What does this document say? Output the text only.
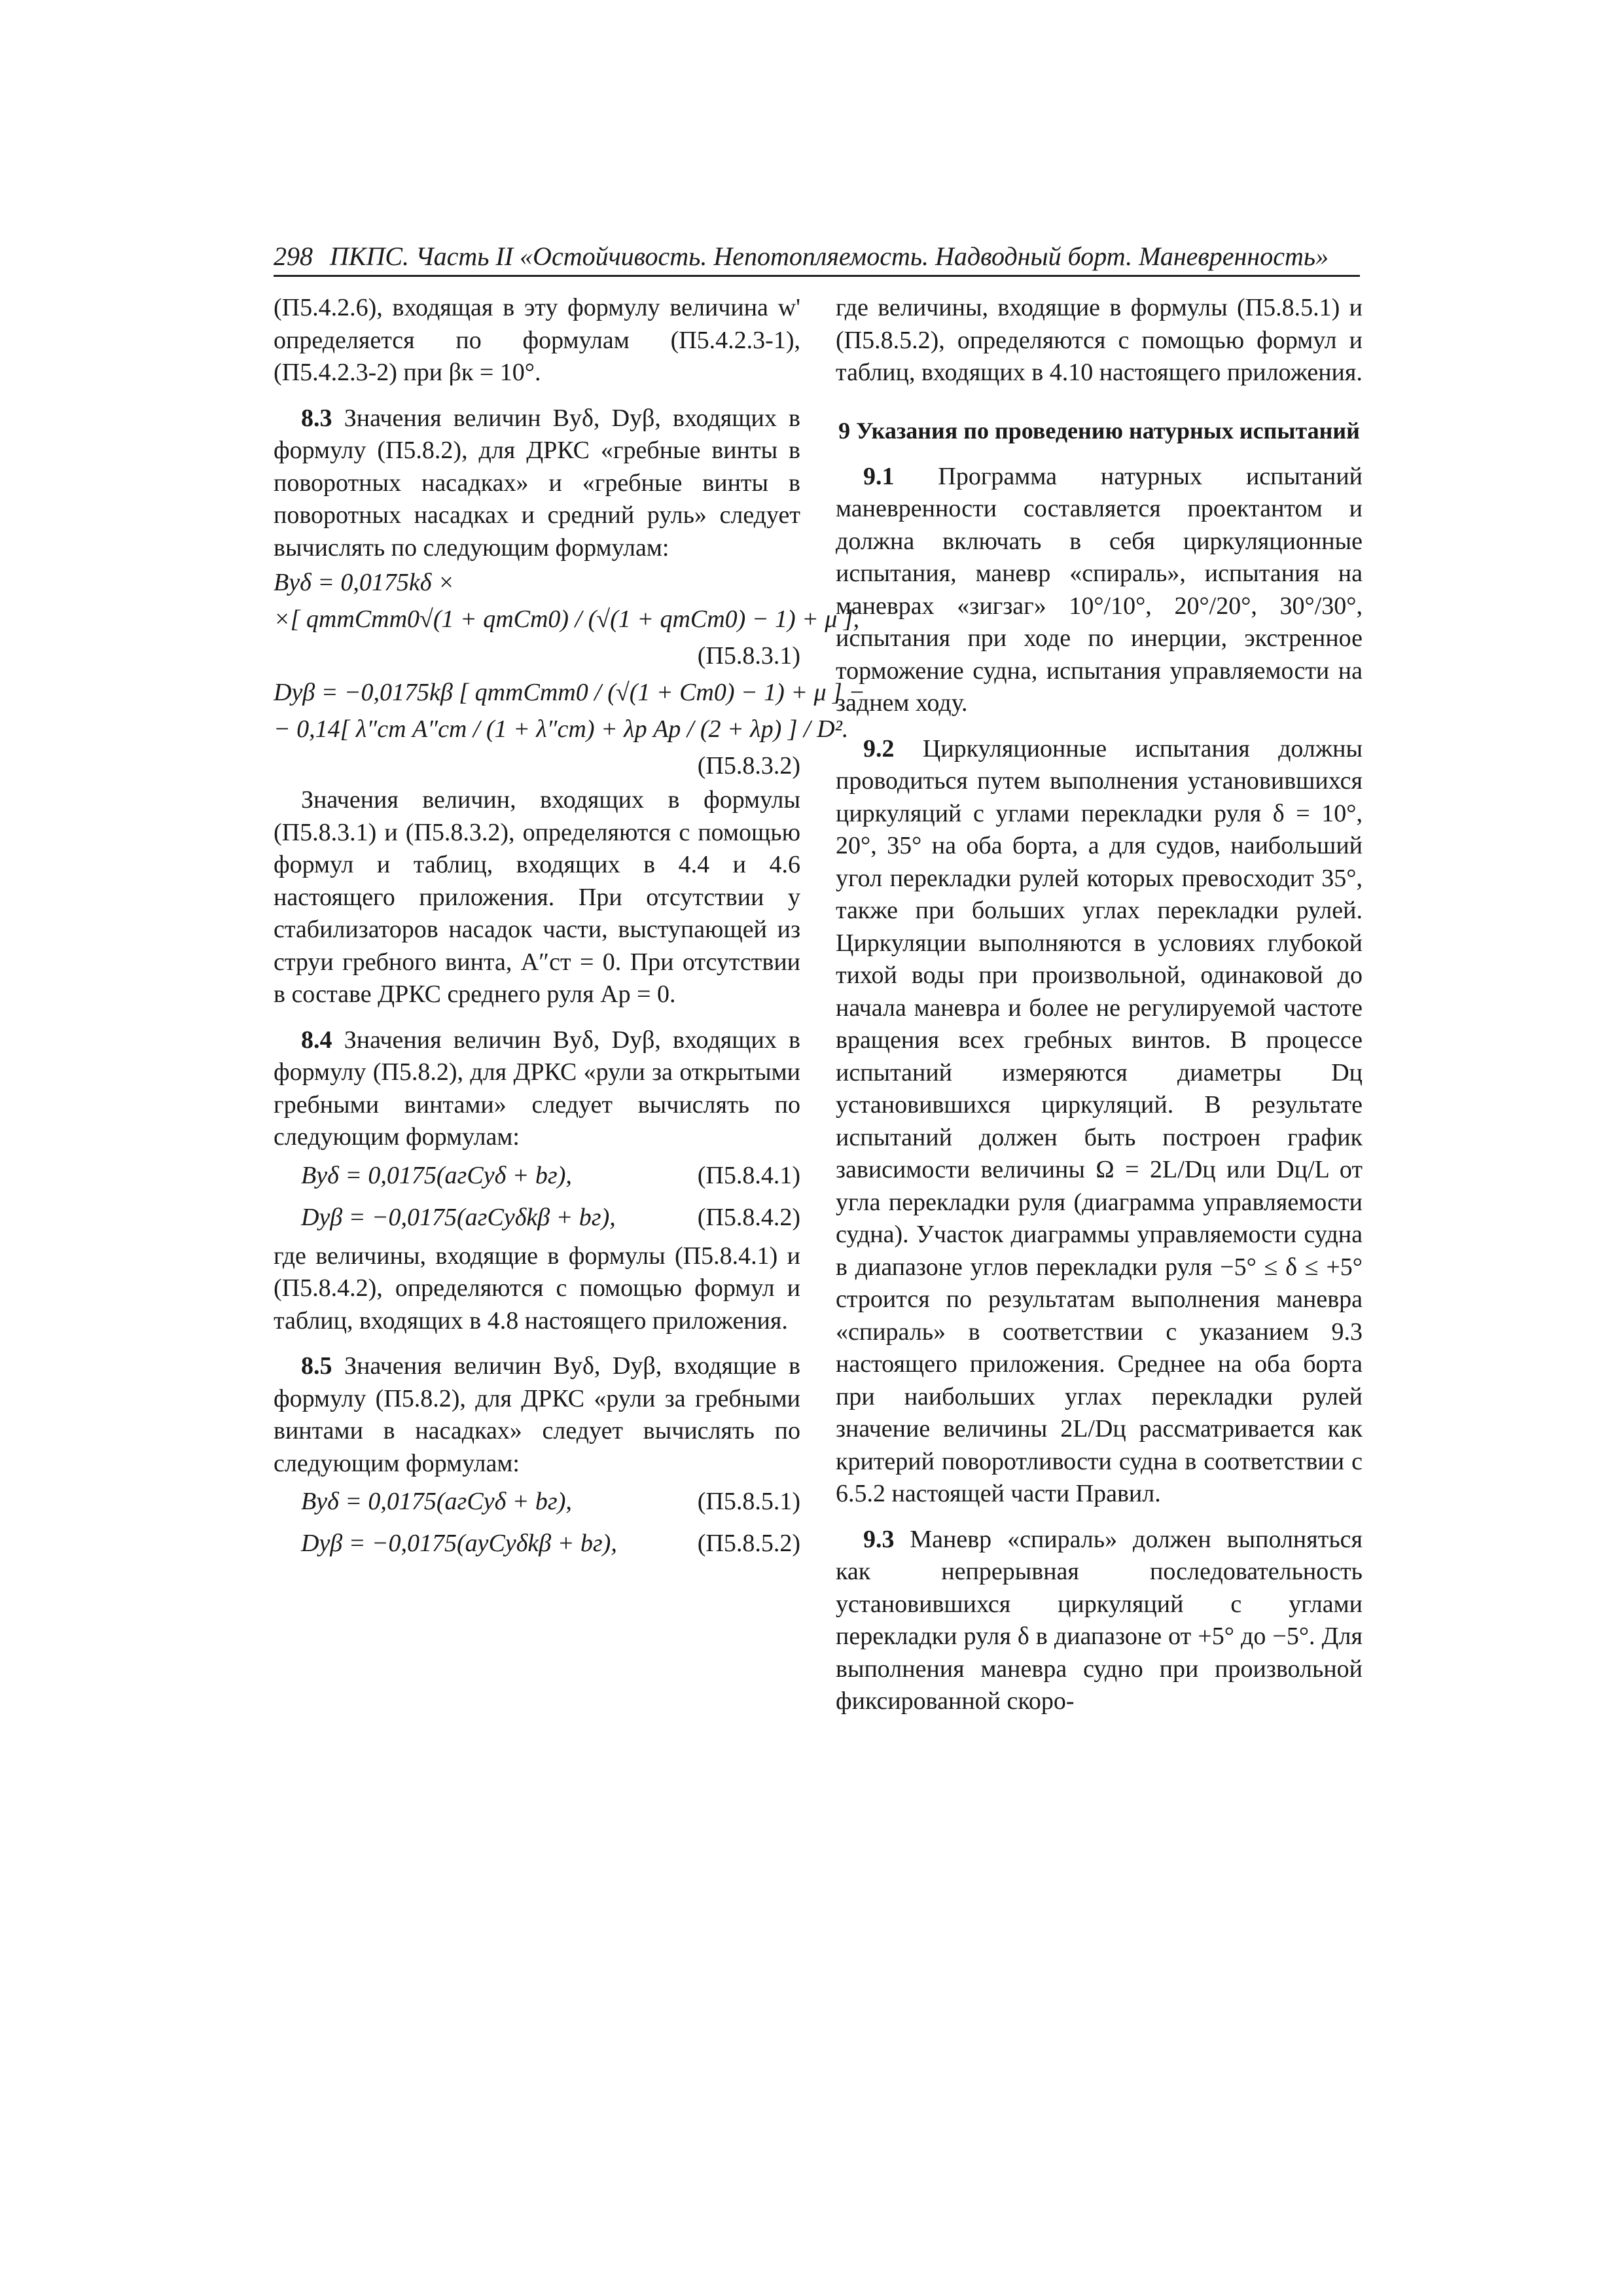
298 ПКПС. Часть II «Остойчивость. Непотопляемость. Надводный борт. Маневренность»

(П5.4.2.6), входящая в эту формулу величина w' определяется по формулам (П5.4.2.3-1), (П5.4.2.3-2) при βк = 10°.

8.3 Значения величин Bуδ, Dуβ, входящих в формулу (П5.8.2), для ДРКС «гребные винты в поворотных насадках» и «гребные винты в поворотных насадках и средний руль» следует вычислять по следующим формулам:

Bуδ = 0,0175kδ ×
×[ qттCтт0√(1 + qтCт0) / (√(1 + qтCт0) − 1) + μ ],
(П5.8.3.1)
Dуβ = −0,0175kβ [ qттCтт0 / (√(1 + Cт0) − 1) + μ ] −
− 0,14[ λ″ст A″ст / (1 + λ″ст) + λр Aр / (2 + λр) ] / D².
(П5.8.3.2)

Значения величин, входящих в формулы (П5.8.3.1) и (П5.8.3.2), определяются с помощью формул и таблиц, входящих в 4.4 и 4.6 настоящего приложения. При отсутствии у стабилизаторов насадок части, выступающей из струи гребного винта, A″ст = 0. При отсутствии в составе ДРКС среднего руля Aр = 0.

8.4 Значения величин Bуδ, Dуβ, входящих в формулу (П5.8.2), для ДРКС «рули за открытыми гребными винтами» следует вычислять по следующим формулам:

Bуδ = 0,0175(aгCуδ + bг),	(П5.8.4.1)
Dуβ = −0,0175(aгCуδkβ + bг),	(П5.8.4.2)

где величины, входящие в формулы (П5.8.4.1) и (П5.8.4.2), определяются с помощью формул и таблиц, входящих в 4.8 настоящего приложения.

8.5 Значения величин Bуδ, Dуβ, входящие в формулу (П5.8.2), для ДРКС «рули за гребными винтами в насадках» следует вычислять по следующим формулам:

Bуδ = 0,0175(aгCуδ + bг),	(П5.8.5.1)
Dуβ = −0,0175(aуCуδkβ + bг),	(П5.8.5.2)

где величины, входящие в формулы (П5.8.5.1) и (П5.8.5.2), определяются с помощью формул и таблиц, входящих в 4.10 настоящего приложения.

9 Указания по проведению натурных испытаний

9.1 Программа натурных испытаний маневренности составляется проектантом и должна включать в себя циркуляционные испытания, маневр «спираль», испытания на маневрах «зигзаг» 10°/10°, 20°/20°, 30°/30°, испытания при ходе по инерции, экстренное торможение судна, испытания управляемости на заднем ходу.

9.2 Циркуляционные испытания должны проводиться путем выполнения установившихся циркуляций с углами перекладки руля δ = 10°, 20°, 35° на оба борта, а для судов, наибольший угол перекладки рулей которых превосходит 35°, также при больших углах перекладки рулей. Циркуляции выполняются в условиях глубокой тихой воды при произвольной, одинаковой до начала маневра и более не регулируемой частоте вращения всех гребных винтов. В процессе испытаний измеряются диаметры Dц установившихся циркуляций. В результате испытаний должен быть построен график зависимости величины Ω = 2L/Dц или Dц/L от угла перекладки руля (диаграмма управляемости судна). Участок диаграммы управляемости судна в диапазоне углов перекладки руля −5° ≤ δ ≤ +5° строится по результатам выполнения маневра «спираль» в соответствии с указанием 9.3 настоящего приложения. Среднее на оба борта при наибольших углах перекладки рулей значение величины 2L/Dц рассматривается как критерий поворотливости судна в соответствии с 6.5.2 настоящей части Правил.

9.3 Маневр «спираль» должен выполняться как непрерывная последовательность установившихся циркуляций с углами перекладки руля δ в диапазоне от +5° до −5°. Для выполнения маневра судно при произвольной фиксированной скоро-
